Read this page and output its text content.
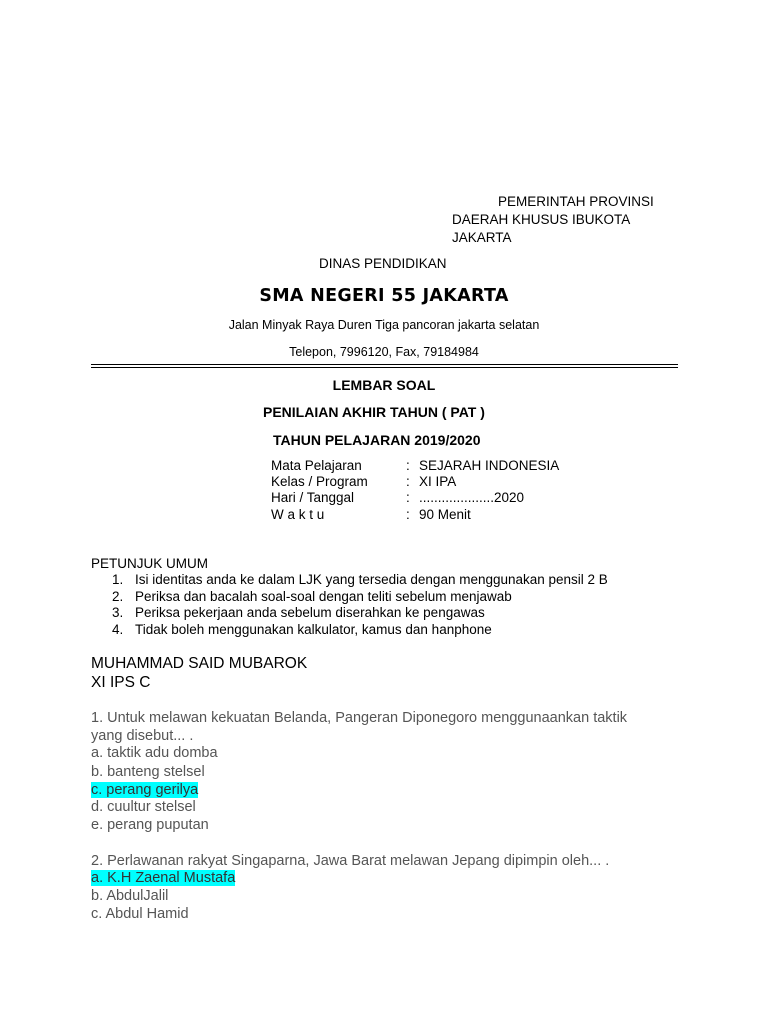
PEMERINTAH PROVINSI
DAERAH KHUSUS IBUKOTA
JAKARTA
DINAS PENDIDIKAN
SMA NEGERI 55 JAKARTA
Jalan Minyak Raya Duren Tiga pancoran jakarta selatan
Telepon, 7996120, Fax, 79184984
LEMBAR SOAL
PENILAIAN AKHIR TAHUN ( PAT )
TAHUN PELAJARAN 2019/2020
Mata Pelajaran	: SEJARAH INDONESIA
Kelas / Program	: XI IPA
Hari / Tanggal	: ....................2020
W a k t u	: 90 Menit
PETUNJUK UMUM
1. Isi identitas anda ke dalam LJK yang tersedia dengan menggunakan pensil 2 B
2. Periksa dan bacalah soal-soal dengan teliti sebelum menjawab
3. Periksa pekerjaan anda sebelum diserahkan ke pengawas
4. Tidak boleh menggunakan kalkulator, kamus dan hanphone
MUHAMMAD SAID MUBAROK
XI IPS C
1. Untuk melawan kekuatan Belanda, Pangeran Diponegoro menggunaankan taktik
yang disebut... .
a. taktik adu domba
b. banteng stelsel
c. perang gerilya
d. cuultur stelsel
e. perang puputan
2. Perlawanan rakyat Singaparna, Jawa Barat melawan Jepang dipimpin oleh... .
a. K.H Zaenal Mustafa
b. AbdulJalil
c. Abdul Hamid
